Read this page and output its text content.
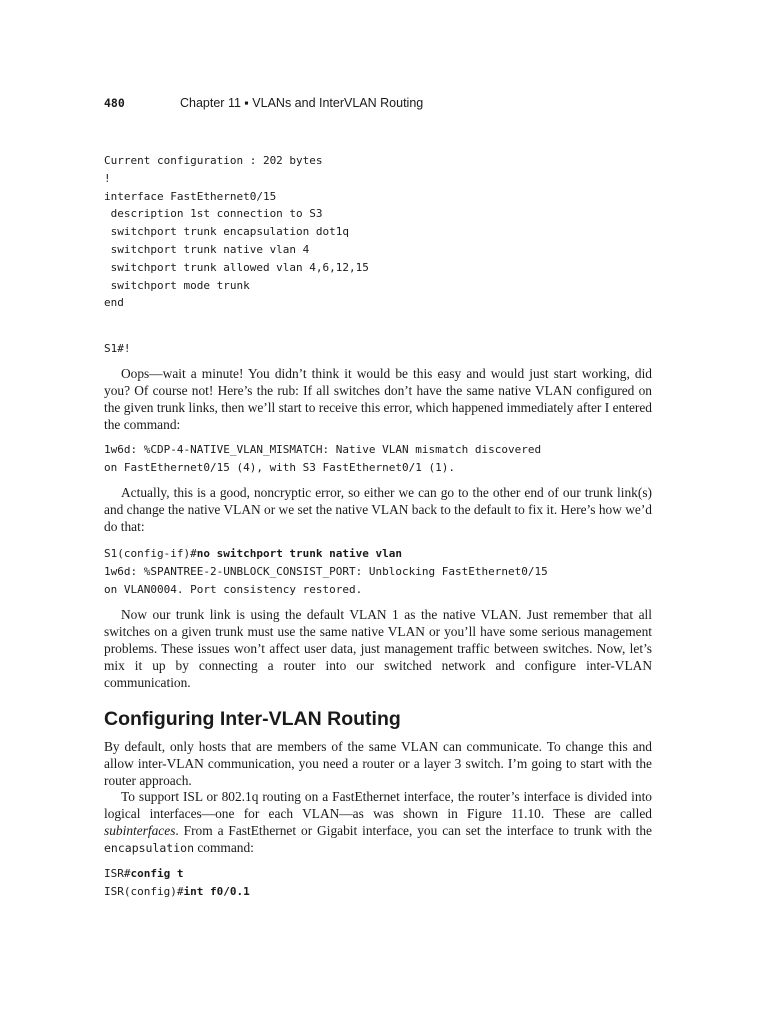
480	Chapter 11 ▪ VLANs and InterVLAN Routing
Current configuration : 202 bytes
!
interface FastEthernet0/15
description 1st connection to S3
switchport trunk encapsulation dot1q
switchport trunk native vlan 4
switchport trunk allowed vlan 4,6,12,15
switchport mode trunk
end
S1#!

Oops—wait a minute! You didn’t think it would be this easy and would just start working, did you? Of course not! Here’s the rub: If all switches don’t have the same native VLAN configured on the given trunk links, then we’ll start to receive this error, which happened immediately after I entered the command:

1w6d: %CDP-4-NATIVE_VLAN_MISMATCH: Native VLAN mismatch discovered
on FastEthernet0/15 (4), with S3 FastEthernet0/1 (1).

Actually, this is a good, noncryptic error, so either we can go to the other end of our trunk link(s) and change the native VLAN or we set the native VLAN back to the default to fix it. Here’s how we’d do that:

S1(config-if)#no switchport trunk native vlan
1w6d: %SPANTREE-2-UNBLOCK_CONSIST_PORT: Unblocking FastEthernet0/15
on VLAN0004. Port consistency restored.

Now our trunk link is using the default VLAN 1 as the native VLAN. Just remember that all switches on a given trunk must use the same native VLAN or you’ll have some serious management problems. These issues won’t affect user data, just management traffic between switches. Now, let’s mix it up by connecting a router into our switched network and configure inter-VLAN communication.

Configuring Inter-VLAN Routing

By default, only hosts that are members of the same VLAN can communicate. To change this and allow inter-VLAN communication, you need a router or a layer 3 switch. I’m going to start with the router approach.

To support ISL or 802.1q routing on a FastEthernet interface, the router’s interface is divided into logical interfaces—one for each VLAN—as was shown in Figure 11.10. These are called subinterfaces. From a FastEthernet or Gigabit interface, you can set the interface to trunk with the encapsulation command:

ISR#config t
ISR(config)#int f0/0.1
